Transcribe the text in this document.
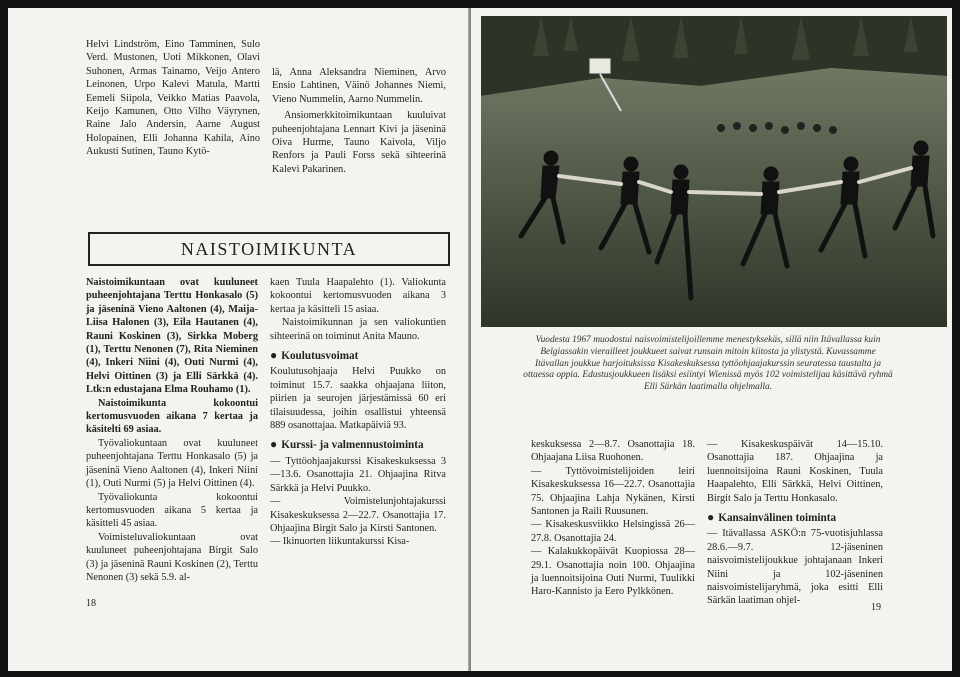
Helvi Lindström, Eino Tamminen, Sulo Verd. Mustonen, Uoti Mikkonen, Olavi Suhonen, Armas Tainamo, Veijo Antero Leinonen, Urpo Kalevi Matula, Martti Eemeli Siipola, Veikko Matias Paavola, Keijo Kamunen, Otto Vilho Väyrynen, Raine Jalo Andersin, Aarne August Holopainen, Elli Johanna Kahila, Aino Aukusti Sutinen, Tauno Kytö-

lä, Anna Aleksandra Nieminen, Arvo Ensio Lahtinen, Väinö Johannes Niemi, Vieno Nummelin, Aarno Nummelin.

Ansiomerkkitoimikuntaan kuuluivat puheenjohtajana Lennart Kivi ja jäseninä Oiva Hurme, Tauno Kaivola, Viljo Renfors ja Pauli Forss sekä sihteerinä Kalevi Pakarinen.

NAISTOIMIKUNTA

Naistoimikuntaan ovat kuuluneet puheenjohtajana Terttu Honkasalo (5) ja jäseninä Vieno Aaltonen (4), Maija-Liisa Halonen (3), Eila Hautanen (4), Rauni Koskinen (3), Sirkka Moberg (1), Terttu Nenonen (7), Rita Nieminen (4), Inkeri Niini (4), Outi Nurmi (4), Helvi Oittinen (3) ja Elli Särkkä (4). Ltk:n edustajana Elma Rouhamo (1).

Naistoimikunta kokoontui kertomusvuoden aikana 7 kertaa ja käsitelti 69 asiaa.

Työvaliokuntaan ovat kuuluneet puheenjohtajana Terttu Honkasalo (5) ja jäseninä Vieno Aaltonen (4), Inkeri Niini (1), Outi Nurmi (5) ja Helvi Oittinen (4).

Työvaliokunta kokoontui kertomusvuoden aikana 5 kertaa ja käsitteli 45 asiaa.

Voimisteluvaliokuntaan ovat kuuluneet puheenjohtajana Birgit Salo (3) ja jäseninä Rauni Koskinen (2), Terttu Nenonen (3) sekä 5.9. al-

kaen Tuula Haapalehto (1). Valiokunta kokoontui kertomusvuoden aikana 3 kertaa ja käsitteli 15 asiaa.

Naistoimikunnan ja sen valiokuntien sihteerinä on toiminut Anita Mauno.

● Koulutusvoimat

Koulutusohjaaja Helvi Puukko on toiminut 15.7. saakka ohjaajana liiton, piirien ja seurojen järjestämissä 60 eri tilaisuudessa, joihin osallistui yhteensä 889 osanottajaa. Matkapäiviä 93.

● Kurssi- ja valmennustoiminta

— Tyttöohjaajakurssi Kisakeskuksessa 3—13.6. Osanottajia 21. Ohjaajina Ritva Särkkä ja Helvi Puukko.

— Voimistelunjohtajakurssi Kisakeskuksessa 2—22.7. Osanottajia 17. Ohjaajina Birgit Salo ja Kirsti Santonen.

— Ikinuorten liikuntakurssi Kisa-

18
Vuodesta 1967 muodostui naisvoimistelijoillemme menestyksekäs, sillä niin Itävallassa kuin Belgiassakin vierailleet joukkueet saivat runsain mitoin kiitosta ja ylistystä. Kuvassamme Itävallan joukkue harjoituksissa Kisakeskuksessa tyttöohjaajakurssin seuratessa taustalta ja ottaessa oppia. Edustusjoukkueen lisäksi esiintyi Wienissä myös 102 voimistelijaa käsittävä ryhmä Elli Särkän laatimalla ohjelmalla.

keskuksessa 2—8.7. Osanottajia 18. Ohjaajana Liisa Ruohonen.

— Tyttövoimistelijoiden leiri Kisakeskuksessa 16—22.7. Osanottajia 75. Ohjaajina Lahja Nykänen, Kirsti Santonen ja Raili Ruusunen.

— Kisakeskusviikko Helsingissä 26—27.8. Osanottajia 24.

— Kalakukkopäivät Kuopiossa 28—29.1. Osanottajia noin 100. Ohjaajina ja luennoitsijoina Outi Nurmi, Tuulikki Haro-Kannisto ja Eero Pylkkönen.

— Kisakeskuspäivät 14—15.10. Osanottajia 187. Ohjaajina ja luennoitsijoina Rauni Koskinen, Tuula Haapalehto, Elli Särkkä, Helvi Oittinen, Birgit Salo ja Terttu Honkasalo.

● Kansainvälinen toiminta

— Itävallassa ASKÖ:n 75-vuotisjuhlassa 28.6.—9.7. 12-jäseninen naisvoimistelijoukkue johtajanaan Inkeri Niini ja 102-jäseninen naisvoimistelijaryhmä, joka esitti Elli Särkän laatiman ohjel-

19
